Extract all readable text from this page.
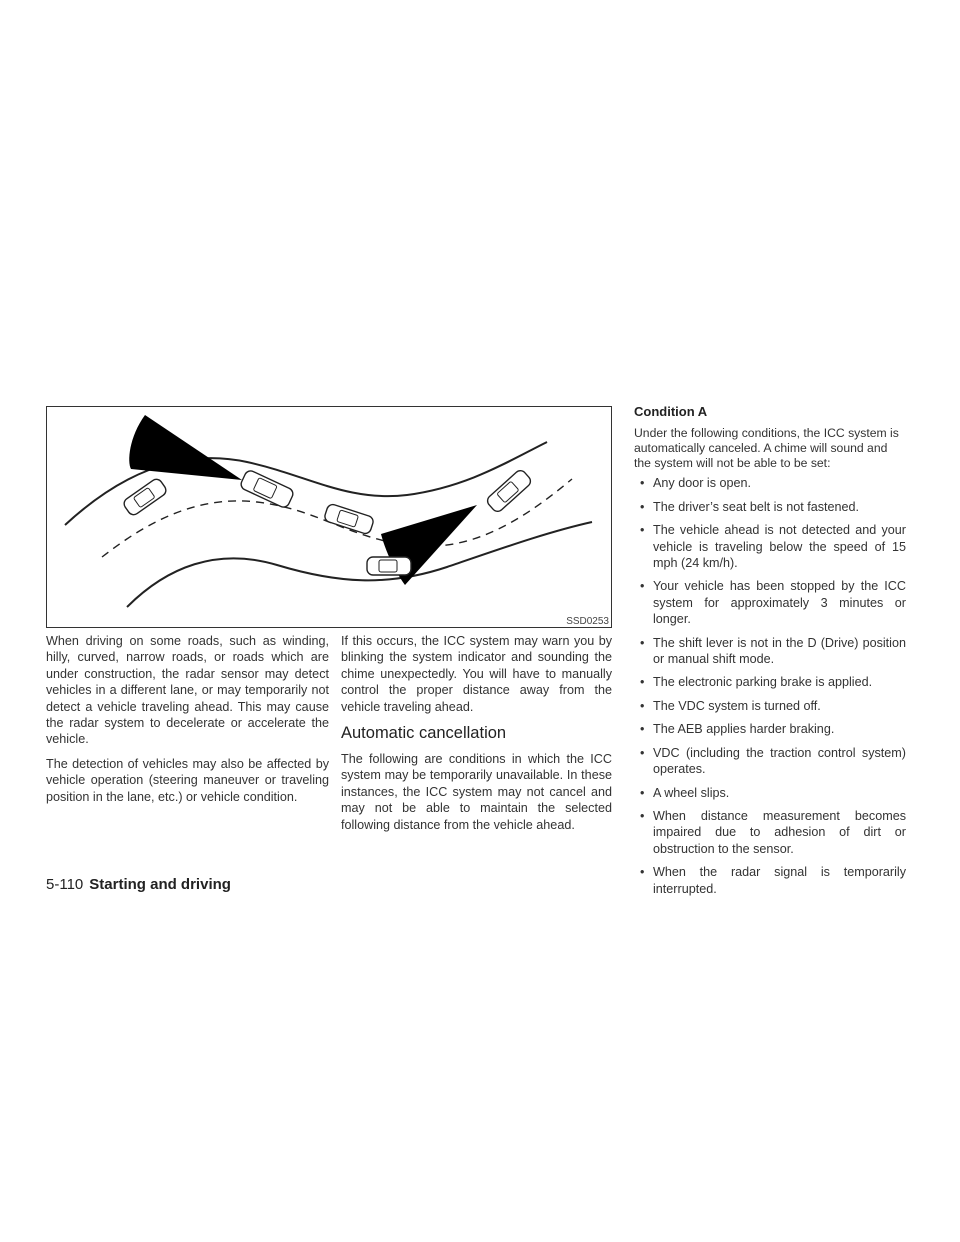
SSD0253

When driving on some roads, such as winding, hilly, curved, narrow roads, or roads which are under construction, the radar sensor may detect vehicles in a different lane, or may temporarily not detect a vehicle traveling ahead. This may cause the radar system to decelerate or accelerate the vehicle.

The detection of vehicles may also be affected by vehicle operation (steering maneuver or traveling position in the lane, etc.) or vehicle condition.

If this occurs, the ICC system may warn you by blinking the system indicator and sounding the chime unexpectedly. You will have to manually control the proper distance away from the vehicle traveling ahead.

Automatic cancellation

The following are conditions in which the ICC system may be temporarily unavailable. In these instances, the ICC system may not cancel and may not be able to maintain the selected following distance from the vehicle ahead.

Condition A

Under the following conditions, the ICC system is automatically canceled. A chime will sound and the system will not be able to be set:

• Any door is open.
• The driver’s seat belt is not fastened.
• The vehicle ahead is not detected and your vehicle is traveling below the speed of 15 mph (24 km/h).
• Your vehicle has been stopped by the ICC system for approximately 3 minutes or longer.
• The shift lever is not in the D (Drive) position or manual shift mode.
• The electronic parking brake is applied.
• The VDC system is turned off.
• The AEB applies harder braking.
• VDC (including the traction control system) operates.
• A wheel slips.
• When distance measurement becomes impaired due to adhesion of dirt or obstruction to the sensor.
• When the radar signal is temporarily interrupted.
5-110 Starting and driving
